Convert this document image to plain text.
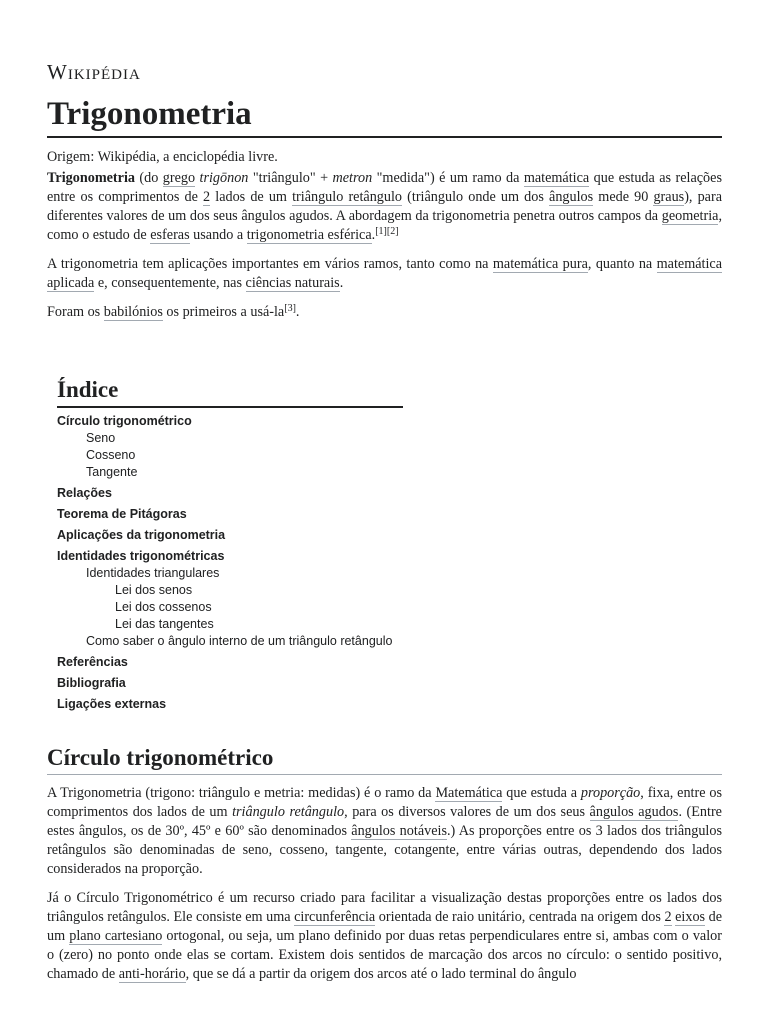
Wikipédia
Trigonometria

Origem: Wikipédia, a enciclopédia livre.

Trigonometria (do grego trigōnon "triângulo" + metron "medida") é um ramo da matemática que estuda as relações entre os comprimentos de 2 lados de um triângulo retângulo (triângulo onde um dos ângulos mede 90 graus), para diferentes valores de um dos seus ângulos agudos. A abordagem da trigonometria penetra outros campos da geometria, como o estudo de esferas usando a trigonometria esférica.[1][2]

A trigonometria tem aplicações importantes em vários ramos, tanto como na matemática pura, quanto na matemática aplicada e, consequentemente, nas ciências naturais.

Foram os babilónios os primeiros a usá-la[3].

Índice
Círculo trigonométrico
Seno
Cosseno
Tangente
Relações
Teorema de Pitágoras
Aplicações da trigonometria
Identidades trigonométricas
Identidades triangulares
Lei dos senos
Lei dos cossenos
Lei das tangentes
Como saber o ângulo interno de um triângulo retângulo
Referências
Bibliografia
Ligações externas
Círculo trigonométrico

A Trigonometria (trigono: triângulo e metria: medidas) é o ramo da Matemática que estuda a proporção, fixa, entre os comprimentos dos lados de um triângulo retângulo, para os diversos valores de um dos seus ângulos agudos. (Entre estes ângulos, os de 30º, 45º e 60º são denominados ângulos notáveis.) As proporções entre os 3 lados dos triângulos retângulos são denominadas de seno, cosseno, tangente, cotangente, entre várias outras, dependendo dos lados considerados na proporção.

Já o Círculo Trigonométrico é um recurso criado para facilitar a visualização destas proporções entre os lados dos triângulos retângulos. Ele consiste em uma circunferência orientada de raio unitário, centrada na origem dos 2 eixos de um plano cartesiano ortogonal, ou seja, um plano definido por duas retas perpendiculares entre si, ambas com o valor o (zero) no ponto onde elas se cortam. Existem dois sentidos de marcação dos arcos no círculo: o sentido positivo, chamado de anti-horário, que se dá a partir da origem dos arcos até o lado terminal do ângulo
